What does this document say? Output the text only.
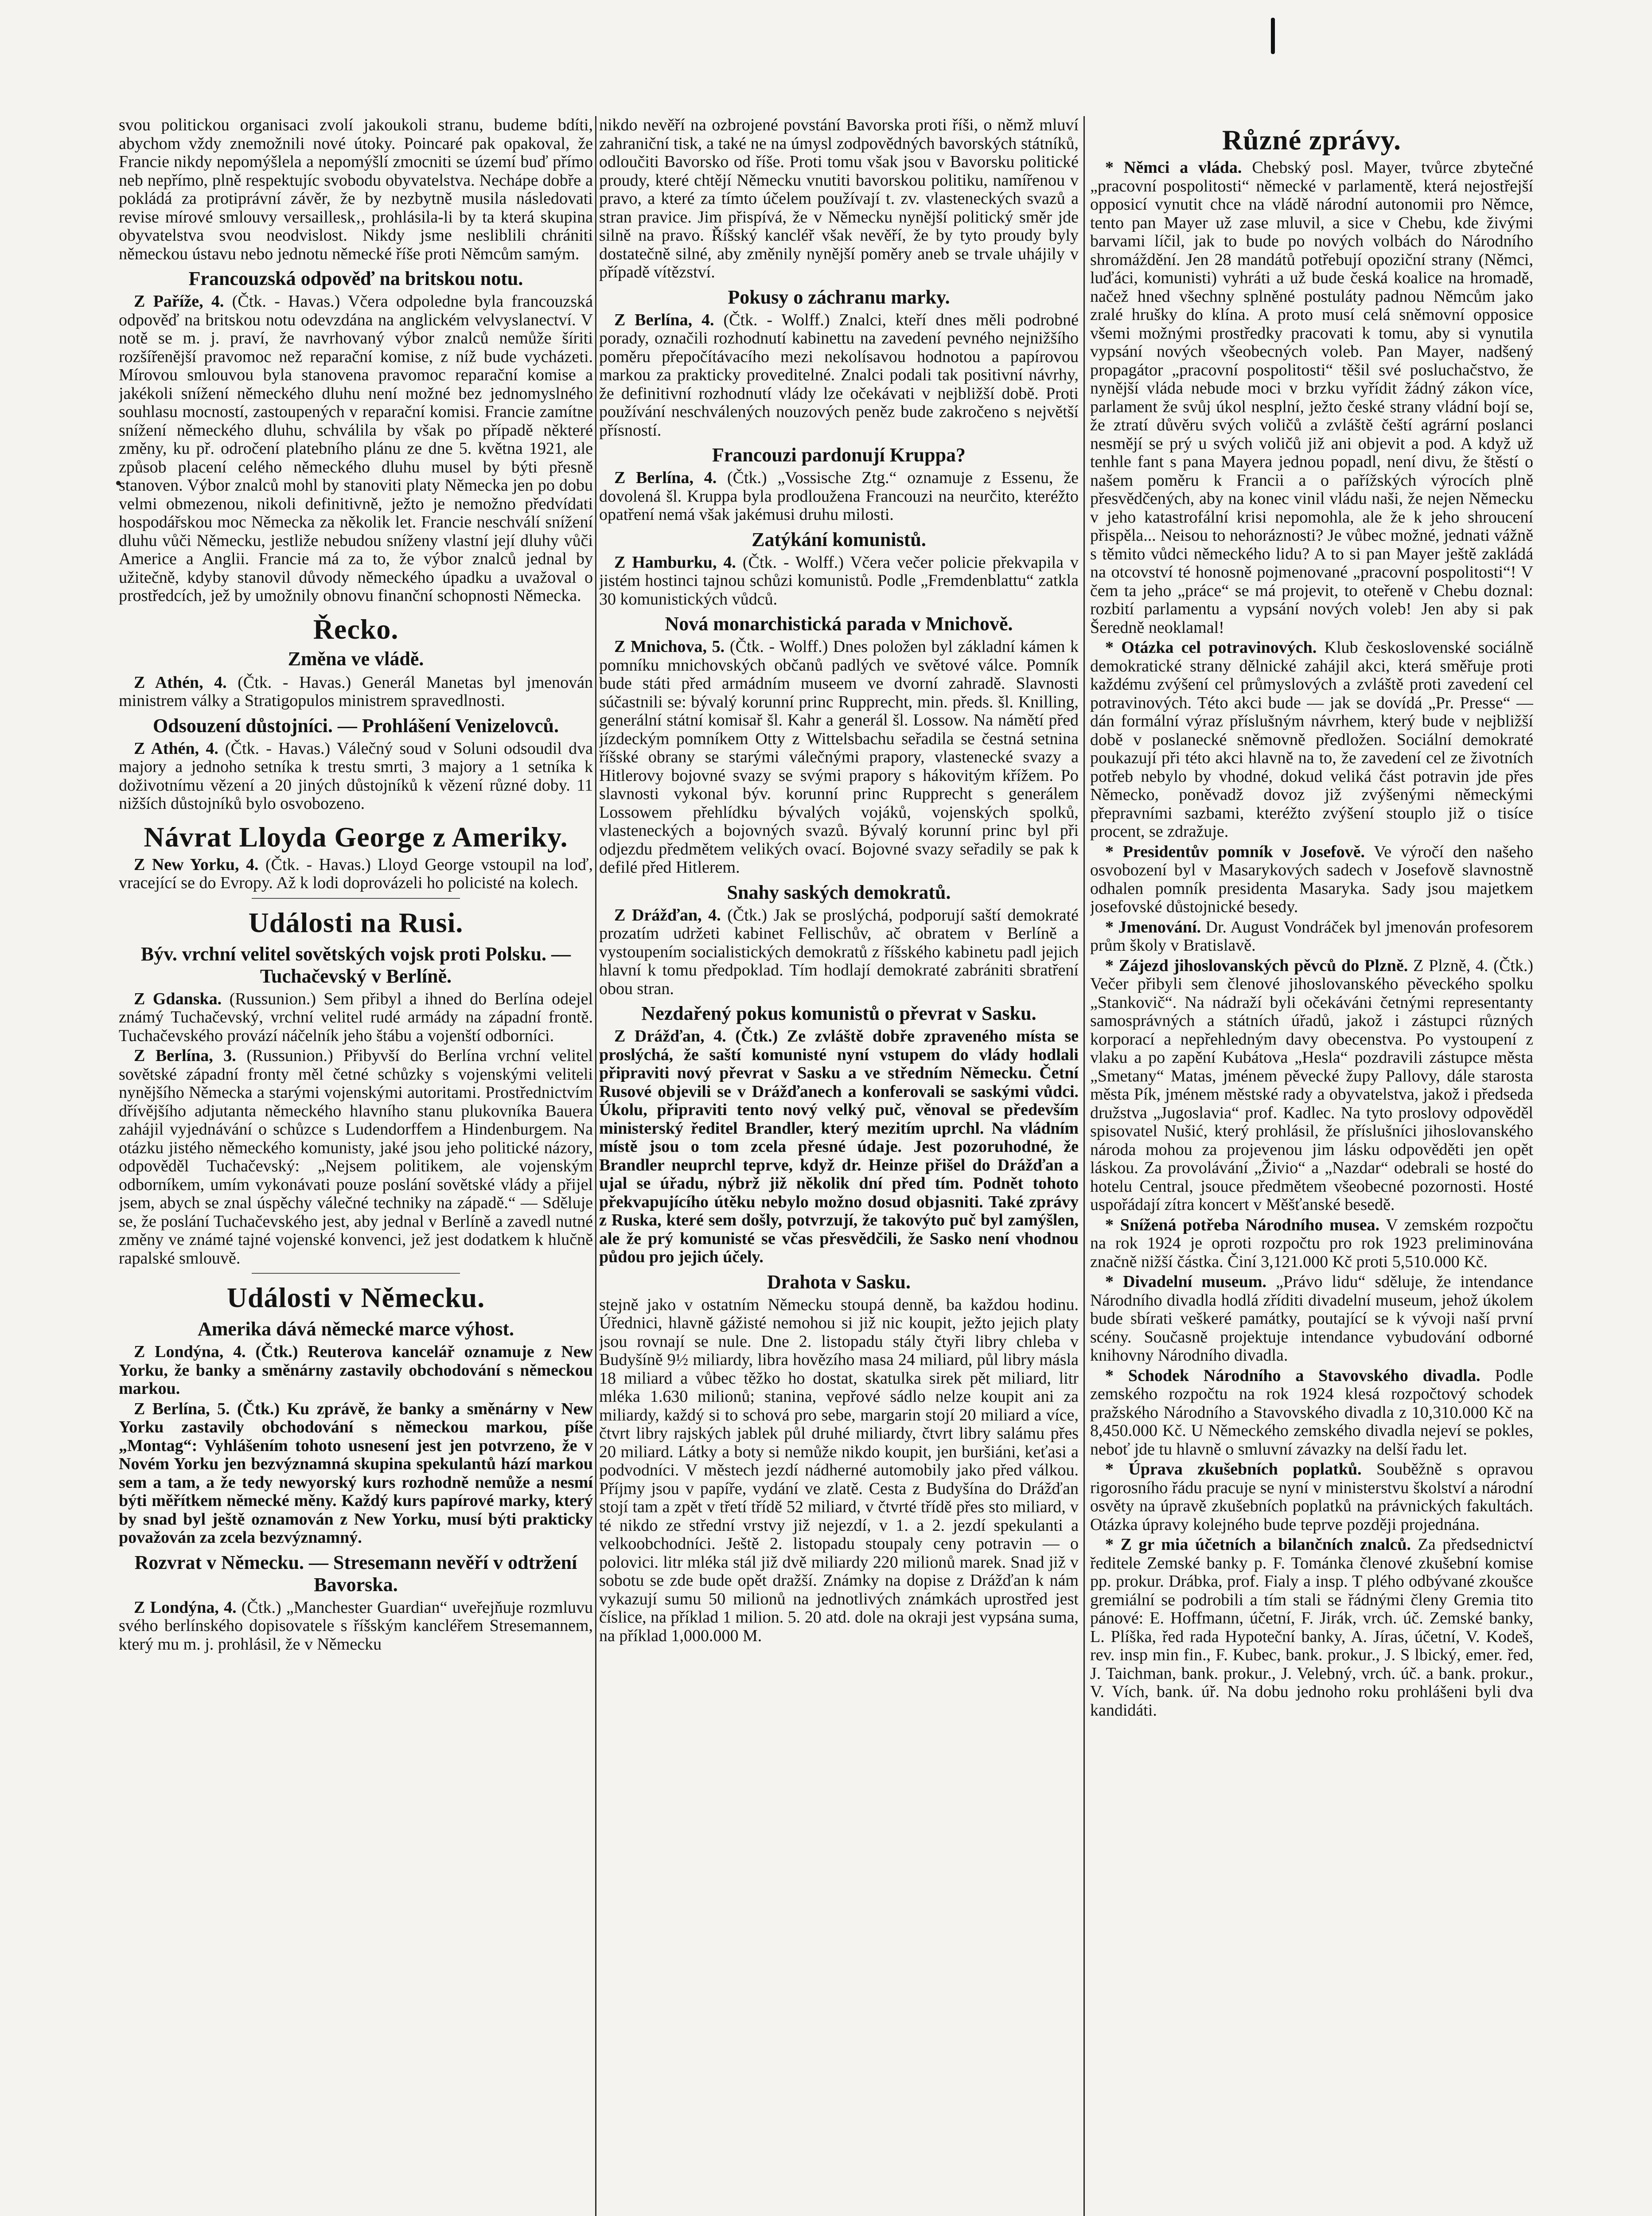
svou politickou organisaci zvolí jakoukoli stranu, budeme bdíti, abychom vždy znemožnili nové útoky. Poincaré pak opakoval, že Francie nikdy nepomýšlela a nepomýšlí zmocniti se území buď přímo neb nepřímo, plně respektujíc svobodu obyvatelstva. Nechápe dobře a pokládá za protiprávní závěr, že by nezbytně musila následovati revise mírové smlouvy versaillesk‚, prohlásila-li by ta která skupina obyvatelstva svou neodvislost. Nikdy jsme nesliblili chrániti německou ústavu nebo jednotu německé říše proti Němcům samým.

Francouzská odpověď na britskou notu.

Z Paříže, 4. (Čtk. - Havas.) Včera odpoledne byla francouzská odpověď na britskou notu odevzdána na anglickém velvyslanectví. V notě se m. j. praví, že navrhovaný výbor znalců nemůže šíriti rozšířenější pravomoc než reparační komise, z níž bude vycházeti. Mírovou smlouvou byla stanovena pravomoc reparační komise a jakékoli snížení německého dluhu není možné bez jednomyslného souhlasu mocností, zastoupených v reparační komisi. Francie zamítne snížení německého dluhu, schválila by však po případě některé změny, ku př. odročení platebního plánu ze dne 5. května 1921, ale způsob placení celého německého dluhu musel by býti přesně stanoven. Výbor znalců mohl by stanoviti platy Německa jen po dobu velmi obmezenou, nikoli definitivně, ježto je nemožno předvídati hospodářskou moc Německa za několik let. Francie neschválí snížení dluhu vůči Německu, jestliže nebudou sníženy vlastní její dluhy vůči Americe a Anglii. Francie má za to, že výbor znalců jednal by užitečně, kdyby stanovil důvody německého úpadku a uvažoval o prostředcích, jež by umožnily obnovu finanční schopnosti Německa.

Řecko.
Změna ve vládě.

Z Athén, 4. (Čtk. - Havas.) Generál Manetas byl jmenován ministrem války a Stratigopulos ministrem spravedlnosti.

Odsouzení důstojníci. — Prohlášení Venizelovců.

Z Athén, 4. (Čtk. - Havas.) Válečný soud v Soluni odsoudil dva majory a jednoho setníka k trestu smrti, 3 majory a 1 setníka k doživotnímu vězení a 20 jiných důstojníků k vězení různé doby. 11 nižších důstojníků bylo osvobozeno.

Návrat Lloyda George z Ameriky.

Z New Yorku, 4. (Čtk. - Havas.) Lloyd George vstoupil na loď, vracející se do Evropy. Až k lodi doprovázeli ho policisté na kolech.

Události na Rusi.
Býv. vrchní velitel sovětských vojsk proti Polsku. — Tuchačevský v Berlíně.

Z Gdanska. (Russunion.) Sem přibyl a ihned do Berlína odejel známý Tuchačevský, vrchní velitel rudé armády na západní frontě. Tuchačevského provází náčelník jeho štábu a vojenští odborníci.

Z Berlína, 3. (Russunion.) Přibyvší do Berlína vrchní velitel sovětské západní fronty měl četné schůzky s vojenskými veliteli nynějšího Německa a starými vojenskými autoritami. Prostřednictvím dřívějšího adjutanta německého hlavního stanu plukovníka Bauera zahájil vyjednávání o schůzce s Ludendorffem a Hindenburgem. Na otázku jistého německého komunisty, jaké jsou jeho politické názory, odpověděl Tuchačevský: „Nejsem politikem, ale vojenským odborníkem, umím vykonávati pouze poslání sovětské vlády a přijel jsem, abych se znal úspěchy válečné techniky na západě.“ — Sděluje se, že poslání Tuchačevského jest, aby jednal v Berlíně a zavedl nutné změny ve známé tajné vojenské konvenci, jež jest dodatkem k hlučně rapalské smlouvě.

Události v Německu.
Amerika dává německé marce výhost.

Z Londýna, 4. (Čtk.) Reuterova kancelář oznamuje z New Yorku, že banky a směnárny zastavily obchodování s německou markou.

Z Berlína, 5. (Čtk.) Ku zprávě, že banky a směnárny v New Yorku zastavily obchodování s německou markou, píše „Montag“: Vyhlášením tohoto usnesení jest jen potvrzeno, že v Novém Yorku jen bezvýznamná skupina spekulantů hází markou sem a tam, a že tedy newyorský kurs rozhodně nemůže a nesmí býti měřítkem německé měny. Každý kurs papírové marky, který by snad byl ještě oznamován z New Yorku, musí býti prakticky považován za zcela bezvýznamný.

Rozvrat v Německu. — Stresemann nevěří v odtržení Bavorska.

Z Londýna, 4. (Čtk.) „Manchester Guardian“ uveřejňuje rozmluvu svého berlínského dopisovatele s říšským kancléřem Stresemannem, který mu m. j. prohlásil, že v Německu

nikdo nevěří na ozbrojené povstání Bavorska proti říši, o němž mluví zahraniční tisk, a také ne na úmysl zodpovědných bavorských státníků, odloučiti Bavorsko od říše. Proti tomu však jsou v Bavorsku politické proudy, které chtějí Německu vnutiti bavorskou politiku, namířenou v pravo, a které za tímto účelem používají t. zv. vlasteneckých svazů a stran pravice. Jim přispívá, že v Německu nynější politický směr jde silně na pravo. Říšský kancléř však nevěří, že by tyto proudy byly dostatečně silné, aby změnily nynější poměry aneb se trvale uhájily v případě vítězství.

Pokusy o záchranu marky.

Z Berlína, 4. (Čtk. - Wolff.) Znalci, kteří dnes měli podrobné porady, označili rozhodnutí kabinettu na zavedení pevného nejnižšího poměru přepočítávacího mezi nekolísavou hodnotou a papírovou markou za prakticky proveditelné. Znalci podali tak positivní návrhy, že definitivní rozhodnutí vlády lze očekávati v nejbližší době. Proti používání neschválených nouzových peněz bude zakročeno s největší přísností.

Francouzi pardonují Kruppa?

Z Berlína, 4. (Čtk.) „Vossische Ztg.“ oznamuje z Essenu, že dovolená šl. Kruppa byla prodloužena Francouzi na neurčito, kteréžto opatření nemá však jakémusi druhu milosti.

Zatýkání komunistů.

Z Hamburku, 4. (Čtk. - Wolff.) Včera večer policie překvapila v jistém hostinci tajnou schůzi komunistů. Podle „Fremdenblattu“ zatkla 30 komunistických vůdců.

Nová monarchistická parada v Mnichově.

Z Mnichova, 5. (Čtk. - Wolff.) Dnes položen byl základní kámen k pomníku mnichovských občanů padlých ve světové válce. Pomník bude státi před armádním museem ve dvorní zahradě. Slavnosti súčastnili se: bývalý korunní princ Rupprecht, min. předs. šl. Knilling, generální státní komisař šl. Kahr a generál šl. Lossow. Na námětí před jízdeckým pomníkem Otty z Wittelsbachu seřadila se čestná setnina říšské obrany se starými válečnými prapory, vlastenecké svazy a Hitlerovy bojovné svazy se svými prapory s hákovitým křížem. Po slavnosti vykonal býv. korunní princ Rupprecht s generálem Lossowem přehlídku bývalých vojáků, vojenských spolků, vlasteneckých a bojovných svazů. Bývalý korunní princ byl při odjezdu předmětem velikých ovací. Bojovné svazy seřadily se pak k defilé před Hitlerem.

Snahy saských demokratů.

Z Drážďan, 4. (Čtk.) Jak se proslýchá, podporují saští demokraté prozatím udržeti kabinet Fellischův, ač obratem v Berlíně a vystoupením socialistických demokratů z říšského kabinetu padl jejich hlavní k tomu předpoklad. Tím hodlají demokraté zabrániti sbratření obou stran.

Nezdařený pokus komunistů o převrat v Sasku.

Z Drážďan, 4. (Čtk.) Ze zvláště dobře zpraveného místa se proslýchá, že saští komunisté nyní vstupem do vlády hodlali připraviti nový převrat v Sasku a ve středním Německu. Četní Rusové objevili se v Drážďanech a konferovali se saskými vůdci. Úkolu, připraviti tento nový velký puč, věnoval se především ministerský ředitel Brandler, který mezitím uprchl. Na vládním místě jsou o tom zcela přesné údaje. Jest pozoruhodné, že Brandler neuprchl teprve, když dr. Heinze přišel do Drážďan a ujal se úřadu, nýbrž již několik dní před tím. Podnět tohoto překvapujícího útěku nebylo možno dosud objasniti. Také zprávy z Ruska, které sem došly, potvrzují, že takovýto puč byl zamýšlen, ale že prý komunisté se včas přesvědčili, že Sasko není vhodnou půdou pro jejich účely.

Drahota v Sasku.

stejně jako v ostatním Německu stoupá denně, ba každou hodinu. Úřednici, hlavně gážisté nemohou si již nic koupit, ježto jejich platy jsou rovnají se nule. Dne 2. listopadu stály čtyři libry chleba v Budyšíně 9½ miliardy, libra hovězího masa 24 miliard, půl libry másla 18 miliard a vůbec těžko ho dostat, skatulka sirek pět miliard, litr mléka 1.630 milionů; stanina, vepřové sádlo nelze koupit ani za miliardy, každý si to schová pro sebe, margarin stojí 20 miliard a více, čtvrt libry rajských jablek půl druhé miliardy, čtvrt libry salámu přes 20 miliard. Látky a boty si nemůže nikdo koupit, jen buršiáni, keťasi a podvodníci. V městech jezdí nádherné automobily jako před válkou. Příjmy jsou v papíře, vydání ve zlatě. Cesta z Budyšína do Drážďan stojí tam a zpět v třetí třídě 52 miliard, v čtvrté třídě přes sto miliard, v té nikdo ze střední vrstvy již nejezdí, v 1. a 2. jezdí spekulanti a velkoobchodníci. Ještě 2. listopadu stoupaly ceny potravin — o polovici. litr mléka stál již dvě miliardy 220 milionů marek. Snad již v sobotu se zde bude opět dražší. Známky na dopise z Drážďan k nám vykazují sumu 50 milionů na jednotlivých známkách uprostřed jest číslice, na příklad 1 milion. 5. 20 atd. dole na okraji jest vypsána suma, na příklad 1,000.000 M.

Různé zprávy.

* Němci a vláda. Chebský posl. Mayer, tvůrce zbytečné „pracovní pospolitosti“ německé v parlamentě, která nejostřejší opposicí vynutit chce na vládě národní autonomii pro Němce, tento pan Mayer už zase mluvil, a sice v Chebu, kde živými barvami líčil, jak to bude po nových volbách do Národního shromáždění. Jen 28 mandátů potřebují opoziční strany (Němci, luďáci, komunisti) vyhráti a už bude česká koalice na hromadě, načež hned všechny splněné postuláty padnou Němcům jako zralé hrušky do klína. A proto musí celá sněmovní opposice všemi možnými prostředky pracovati k tomu, aby si vynutila vypsání nových všeobecných voleb. Pan Mayer, nadšený propagátor „pracovní pospolitosti“ těšil své posluchačstvo, že nynější vláda nebude moci v brzku vyřídit žádný zákon více, parlament že svůj úkol nesplní, ježto české strany vládní bojí se, že ztratí důvěru svých voličů a zvláště čeští agrární poslanci nesmějí se prý u svých voličů již ani objevit a pod. A když už tenhle fant s pana Mayera jednou popadl, není divu, že štěstí o našem poměru k Francii a o pařížských výrocích plně přesvědčených, aby na konec vinil vládu naši, že nejen Německu v jeho katastrofální krisi nepomohla, ale že k jeho shroucení přispěla... Neisou to nehoráznosti? Je vůbec možné, jednati vážně s těmito vůdci německého lidu? A to si pan Mayer ještě zakládá na otcovství té honosně pojmenované „pracovní pospolitosti“! V čem ta jeho „práce“ se má projevit, to oteřeně v Chebu doznal: rozbití parlamentu a vypsání nových voleb! Jen aby si pak Šeredně neoklamal!

* Otázka cel potravinových. Klub československé sociálně demokratické strany dělnické zahájil akci, která směřuje proti každému zvýšení cel průmyslových a zvláště proti zavedení cel potravinových. Této akci bude — jak se dovídá „Pr. Presse“ — dán formální výraz příslušným návrhem, který bude v nejbližší době v poslanecké sněmovně předložen. Sociální demokraté poukazují při této akci hlavně na to, že zavedení cel ze životních potřeb nebylo by vhodné, dokud veliká část potravin jde přes Německo, poněvadž dovoz již zvýšenými německými přepravními sazbami, kteréžto zvýšení stouplo již o tisíce procent, se zdražuje.

* Presidentův pomník v Josefově. Ve výročí den našeho osvobození byl v Masarykových sadech v Josefově slavnostně odhalen pomník presidenta Masaryka. Sady jsou majetkem josefovské důstojnické besedy.

* Jmenování. Dr. August Vondráček byl jmenován profesorem prům školy v Bratislavě.

* Zájezd jihoslovanských pěvců do Plzně. Z Plzně, 4. (Čtk.) Večer přibyli sem členové jihoslovanského pěveckého spolku „Stankovič“. Na nádraží byli očekáváni četnými representanty samosprávných a státních úřadů, jakož i zástupci různých korporací a nepřehledným davy obecenstva. Po vystoupení z vlaku a po zapění Kubátova „Hesla“ pozdravili zástupce města „Smetany“ Matas, jménem pěvecké župy Pallovy, dále starosta města Pík, jménem městské rady a obyvatelstva, jakož i předseda družstva „Jugoslavia“ prof. Kadlec. Na tyto proslovy odpověděl spisovatel Nušić, který prohlásil, že příslušníci jihoslovanského národa mohou za projevenou jim lásku odpověděti jen opět láskou. Za provolávání „Živio“ a „Nazdar“ odebrali se hosté do hotelu Central, jsouce předmětem všeobecné pozornosti. Hosté uspořádají zítra koncert v Měšťanské besedě.

* Snížená potřeba Národního musea. V zemském rozpočtu na rok 1924 je oproti rozpočtu pro rok 1923 preliminována značně nižší částka. Činí 3,121.000 Kč proti 5,510.000 Kč.

* Divadelní museum. „Právo lidu“ sděluje, že intendance Národního divadla hodlá zříditi divadelní museum, jehož úkolem bude sbírati veškeré památky, poutající se k vývoji naší první scény. Současně projektuje intendance vybudování odborné knihovny Národního divadla.

* Schodek Národního a Stavovského divadla. Podle zemského rozpočtu na rok 1924 klesá rozpočtový schodek pražského Národního a Stavovského divadla z 10,310.000 Kč na 8,450.000 Kč. U Německého zemského divadla nejeví se pokles, neboť jde tu hlavně o smluvní závazky na delší řadu let.

* Úprava zkušebních poplatků. Souběžně s opravou rigorosního řádu pracuje se nyní v ministerstvu školství a národní osvěty na úpravě zkušebních poplatků na právnických fakultách. Otázka úpravy kolejného bude teprve později projednána.

* Z gr mia účetních a bilančních znalců. Za předsednictví ředitele Zemské banky p. F. Tománka členové zkušební komise pp. prokur. Drábka, prof. Fialy a insp. T plého odbývané zkoušce gremiální se podrobili a tím stali se řádnými členy Gremia tito pánové: E. Hoffmann, účetní, F. Jirák, vrch. úč. Zemské banky, L. Plíška, řed rada Hypoteční banky, A. Jíras, účetní, V. Kodeš, rev. insp min fin., F. Kubec, bank. prokur., J. S lbický, emer. řed, J. Taichman, bank. prokur., J. Velebný, vrch. úč. a bank. prokur., V. Vích, bank. úř. Na dobu jednoho roku prohlášeni byli dva kandidáti.
